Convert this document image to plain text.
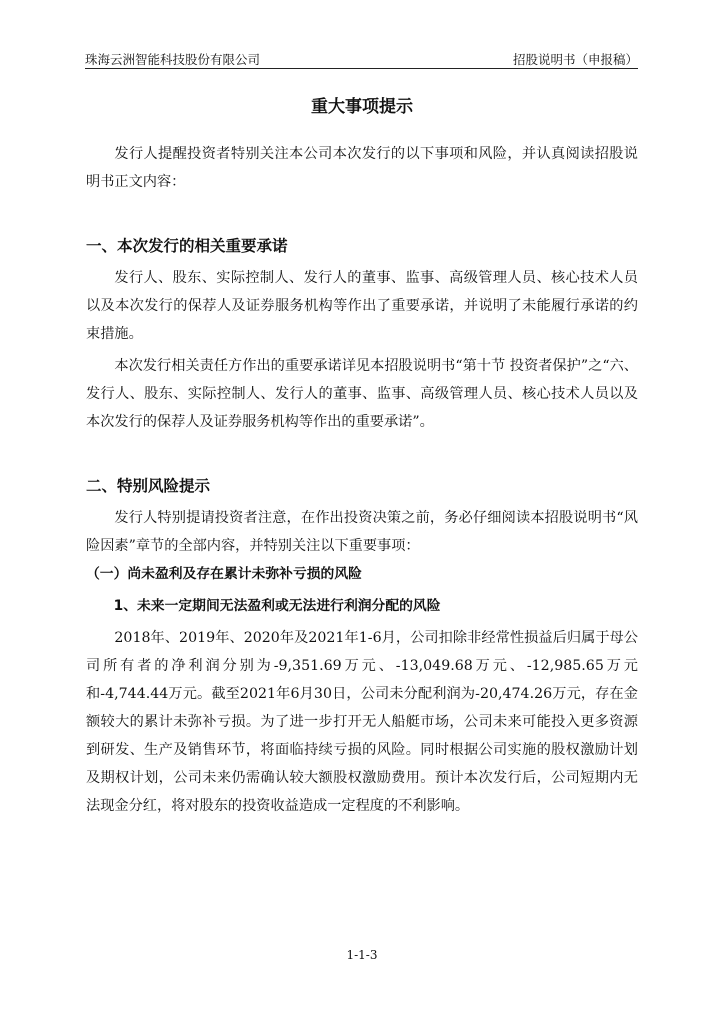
珠海云洲智能科技股份有限公司	招股说明书（申报稿）
重大事项提示

发行人提醒投资者特别关注本公司本次发行的以下事项和风险，并认真阅读招股说明书正文内容：

一、本次发行的相关重要承诺

发行人、股东、实际控制人、发行人的董事、监事、高级管理人员、核心技术人员以及本次发行的保荐人及证券服务机构等作出了重要承诺，并说明了未能履行承诺的约束措施。

本次发行相关责任方作出的重要承诺详见本招股说明书“第十节 投资者保护”之“六、发行人、股东、实际控制人、发行人的董事、监事、高级管理人员、核心技术人员以及本次发行的保荐人及证券服务机构等作出的重要承诺”。

二、特别风险提示

发行人特别提请投资者注意，在作出投资决策之前，务必仔细阅读本招股说明书“风险因素”章节的全部内容，并特别关注以下重要事项：

（一）尚未盈利及存在累计未弥补亏损的风险
1、未来一定期间无法盈利或无法进行利润分配的风险

2018年、2019年、2020年及2021年1-6月，公司扣除非经常性损益后归属于母公司所有者的净利润分别为-9,351.69万元、-13,049.68万元、-12,985.65万元和-4,744.44万元。截至2021年6月30日，公司未分配利润为-20,474.26万元，存在金额较大的累计未弥补亏损。为了进一步打开无人船艇市场，公司未来可能投入更多资源到研发、生产及销售环节，将面临持续亏损的风险。同时根据公司实施的股权激励计划及期权计划，公司未来仍需确认较大额股权激励费用。预计本次发行后，公司短期内无法现金分红，将对股东的投资收益造成一定程度的不利影响。

1-1-3
